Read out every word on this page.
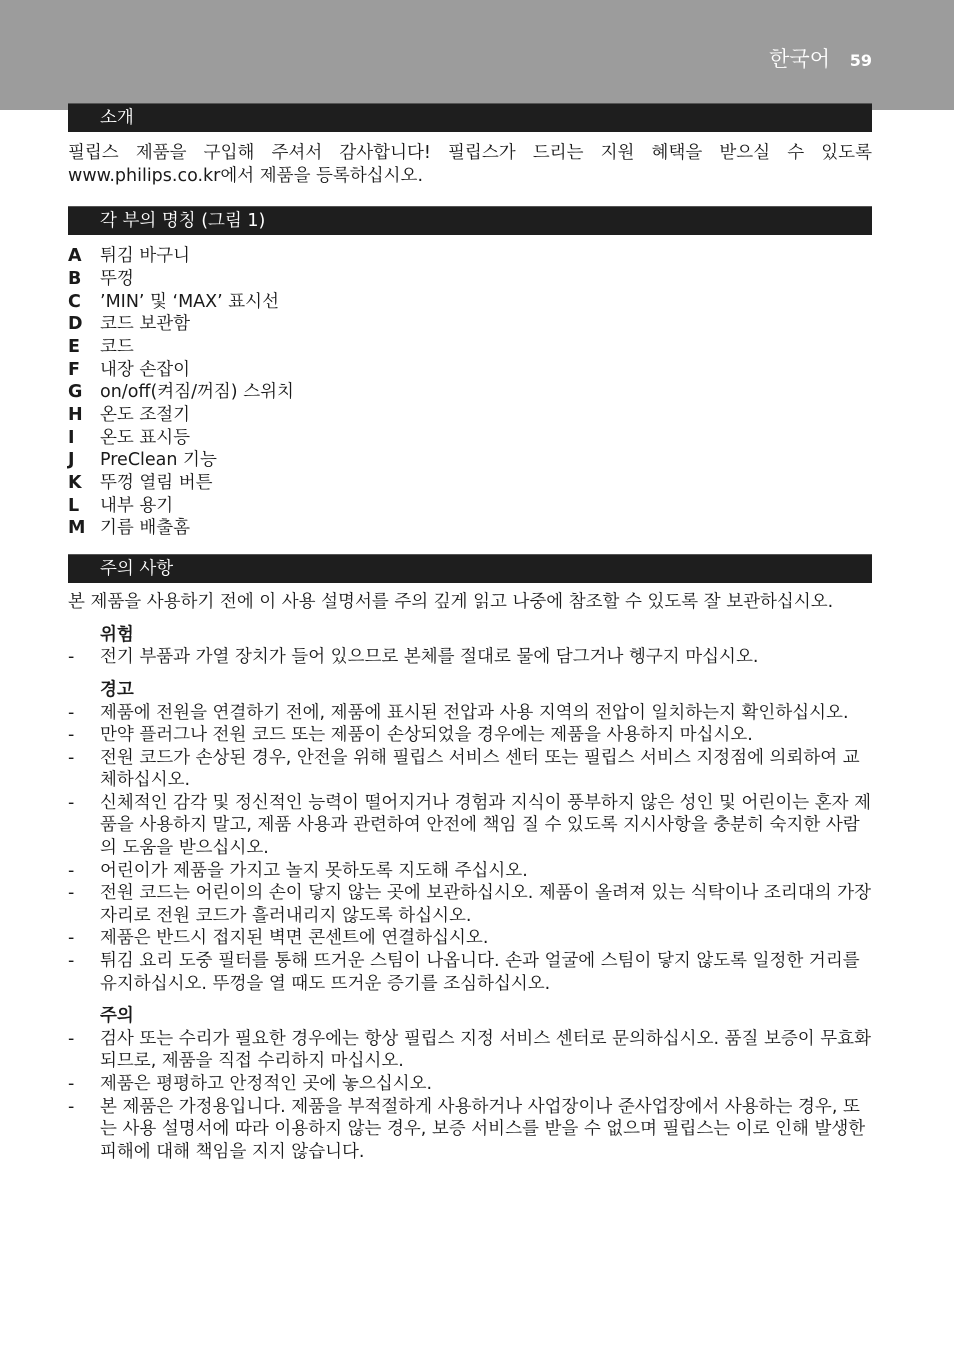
한국어 59
소개

필립스 제품을 구입해 주셔서 감사합니다! 필립스가 드리는 지원 혜택을 받으실 수 있도록 www.philips.co.kr에서 제품을 등록하십시오.

각 부의 명칭 (그림 1)
A	튀김 바구니
B	뚜껑
C	’MIN’ 및 ‘MAX’ 표시선
D 코드 보관함
E	코드
F	내장 손잡이
G	on/off(켜짐/꺼짐) 스위치
H 온도 조절기
I	온도 표시등
J	PreClean 기능
K	뚜껑 열림 버튼
L	내부 용기
M 기름 배출홈
주의 사항

본 제품을 사용하기 전에 이 사용 설명서를 주의 깊게 읽고 나중에 참조할 수 있도록 잘 보관하십시오.

위험
-	전기 부품과 가열 장치가 들어 있으므로 본체를 절대로 물에 담그거나 헹구지 마십시오.
경고
-	제품에 전원을 연결하기 전에, 제품에 표시된 전압과 사용 지역의 전압이 일치하는지 확인하십시오.
-	만약 플러그나 전원 코드 또는 제품이 손상되었을 경우에는 제품을 사용하지 마십시오.
-	전원 코드가 손상된 경우, 안전을 위해 필립스 서비스 센터 또는 필립스 서비스 지정점에 의뢰하여 교체하십시오.
-	신체적인 감각 및 정신적인 능력이 떨어지거나 경험과 지식이 풍부하지 않은 성인 및 어린이는 혼자 제품을 사용하지 말고, 제품 사용과 관련하여 안전에 책임 질 수 있도록 지시사항을 충분히 숙지한 사람의 도움을 받으십시오.
-	어린이가 제품을 가지고 놀지 못하도록 지도해 주십시오.
-	전원 코드는 어린이의 손이 닿지 않는 곳에 보관하십시오. 제품이 올려져 있는 식탁이나 조리대의 가장자리로 전원 코드가 흘러내리지 않도록 하십시오.
-	제품은 반드시 접지된 벽면 콘센트에 연결하십시오.
-	튀김 요리 도중 필터를 통해 뜨거운 스팀이 나옵니다. 손과 얼굴에 스팀이 닿지 않도록 일정한 거리를 유지하십시오. 뚜껑을 열 때도 뜨거운 증기를 조심하십시오.
주의
-	검사 또는 수리가 필요한 경우에는 항상 필립스 지정 서비스 센터로 문의하십시오. 품질 보증이 무효화되므로, 제품을 직접 수리하지 마십시오.
-	제품은 평평하고 안정적인 곳에 놓으십시오.
-	본 제품은 가정용입니다. 제품을 부적절하게 사용하거나 사업장이나 준사업장에서 사용하는 경우, 또는 사용 설명서에 따라 이용하지 않는 경우, 보증 서비스를 받을 수 없으며 필립스는 이로 인해 발생한 피해에 대해 책임을 지지 않습니다.
